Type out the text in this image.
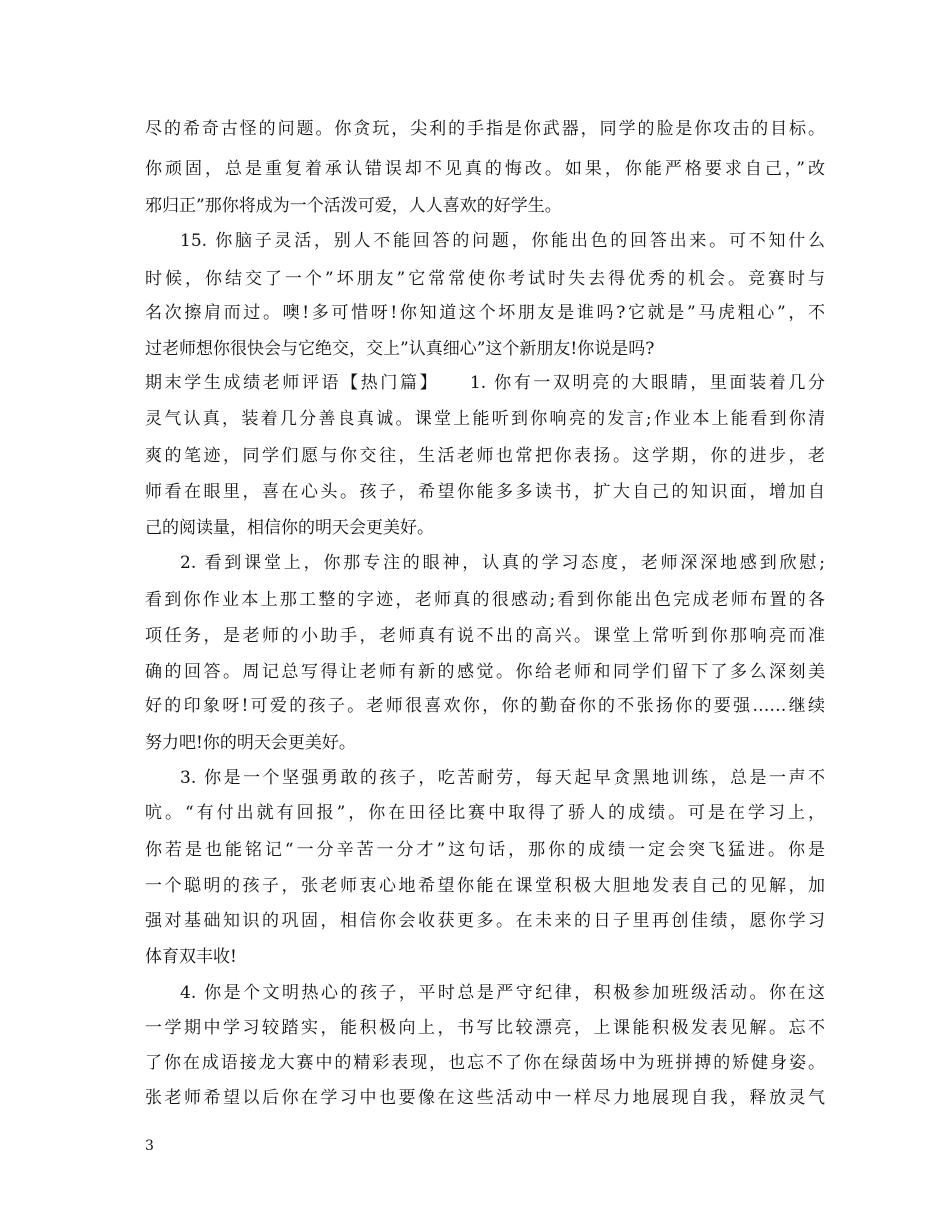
尽的希奇古怪的问题。你贪玩，尖利的手指是你武器，同学的脸是你攻击的目标。
你顽固，总是重复着承认错误却不见真的悔改。如果，你能严格要求自己，”改
邪归正”那你将成为一个活泼可爱，人人喜欢的好学生。
15. 你脑子灵活，别人不能回答的问题，你能出色的回答出来。可不知什么
时候，你结交了一个”坏朋友”它常常使你考试时失去得优秀的机会。竞赛时与
名次擦肩而过。噢!多可惜呀!你知道这个坏朋友是谁吗?它就是”马虎粗心”，不
过老师想你很快会与它绝交，交上”认真细心”这个新朋友!你说是吗?
期末学生成绩老师评语【热门篇】　　1. 你有一双明亮的大眼睛，里面装着几分
灵气认真，装着几分善良真诚。课堂上能听到你响亮的发言;作业本上能看到你清
爽的笔迹，同学们愿与你交往，生活老师也常把你表扬。这学期，你的进步，老
师看在眼里，喜在心头。孩子，希望你能多多读书，扩大自己的知识面，增加自
己的阅读量，相信你的明天会更美好。
2. 看到课堂上，你那专注的眼神，认真的学习态度，老师深深地感到欣慰;
看到你作业本上那工整的字迹，老师真的很感动;看到你能出色完成老师布置的各
项任务，是老师的小助手，老师真有说不出的高兴。课堂上常听到你那响亮而准
确的回答。周记总写得让老师有新的感觉。你给老师和同学们留下了多么深刻美
好的印象呀!可爱的孩子。老师很喜欢你，你的勤奋你的不张扬你的要强……继续
努力吧!你的明天会更美好。
3. 你是一个坚强勇敢的孩子，吃苦耐劳，每天起早贪黑地训练，总是一声不
吭。“有付出就有回报”，你在田径比赛中取得了骄人的成绩。可是在学习上，
你若是也能铭记“一分辛苦一分才”这句话，那你的成绩一定会突飞猛进。你是
一个聪明的孩子，张老师衷心地希望你能在课堂积极大胆地发表自己的见解，加
强对基础知识的巩固，相信你会收获更多。在未来的日子里再创佳绩，愿你学习
体育双丰收!
4. 你是个文明热心的孩子，平时总是严守纪律，积极参加班级活动。你在这
一学期中学习较踏实，能积极向上，书写比较漂亮，上课能积极发表见解。忘不
了你在成语接龙大赛中的精彩表现，也忘不了你在绿茵场中为班拼搏的矫健身姿。
张老师希望以后你在学习中也要像在这些活动中一样尽力地展现自我，释放灵气
3
